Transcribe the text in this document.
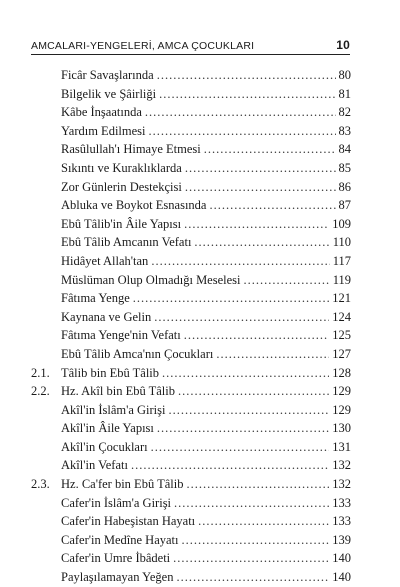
AMCALARI-YENGELERİ, AMCA ÇOCUKLARI	10
Ficâr Savaşlarında .....	80
Bilgelik ve Şâirliği .....	81
Kâbe İnşaatında .....	82
Yardım Edilmesi .....	83
Rasûlullah'ı Himaye Etmesi .....	84
Sıkıntı ve Kuraklıklarda .....	85
Zor Günlerin Destekçisi .....	86
Abluka ve Boykot Esnasında .....	87
Ebû Tâlib'in Âile Yapısı .....	109
Ebû Tâlib Amcanın Vefatı .....	110
Hidâyet Allah'tan .....	117
Müslüman Olup Olmadığı Meselesi .....	119
Fâtıma Yenge .....	121
Kaynana ve Gelin .....	124
Fâtıma Yenge'nin Vefatı .....	125
Ebû Tâlib Amca'nın Çocukları .....	127
2.1. Tâlib bin Ebû Tâlib .....	128
2.2. Hz. Akîl bin Ebû Tâlib .....	129
Akîl'in İslâm'a Girişi .....	129
Akîl'in Âile Yapısı .....	130
Akîl'in Çocukları .....	131
Akîl'in Vefatı .....	132
2.3. Hz. Ca'fer bin Ebû Tâlib .....	132
Cafer'in İslâm'a Girişi .....	133
Cafer'in Habeşistan Hayatı .....	133
Cafer'in Medîne Hayatı .....	139
Cafer'in Umre İbâdeti .....	140
Paylaşılamayan Yeğen .....	140
